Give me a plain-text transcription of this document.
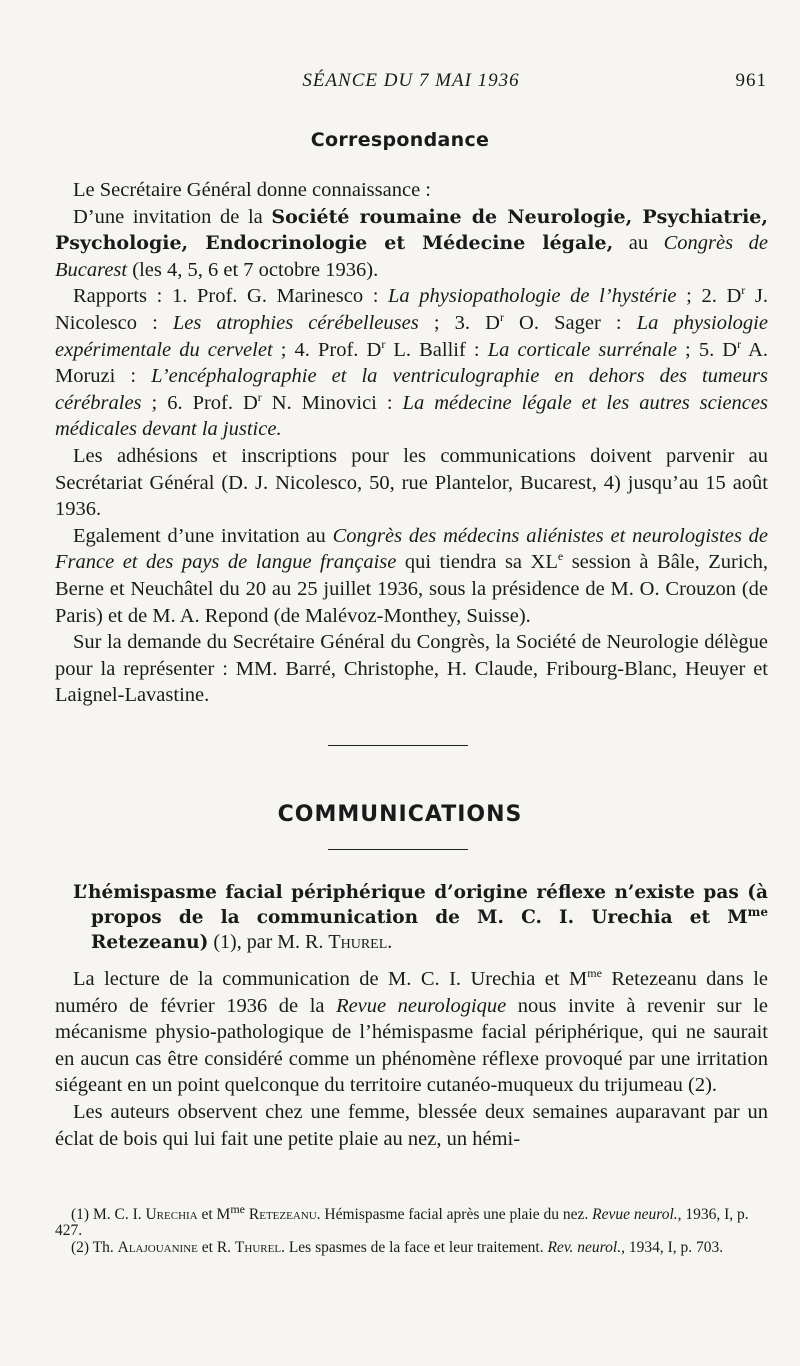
SÉANCE DU 7 MAI 1936	961
Correspondance

Le Secrétaire Général donne connaissance :

D’une invitation de la Société roumaine de Neurologie, Psychiatrie, Psychologie, Endocrinologie et Médecine légale, au Congrès de Bucarest (les 4, 5, 6 et 7 octobre 1936).

Rapports : 1. Prof. G. Marinesco : La physiopathologie de l’hystérie ; 2. $D^r$ J. Nicolesco : Les atrophies cérébelleuses ; 3. $D^r$ O. Sager : La physiologie expérimentale du cervelet ; 4. Prof. $D^r$ L. Ballif : La corticale surrénale ; 5. $D^r$ A. Moruzi : L’encéphalographie et la ventriculographie en dehors des tumeurs cérébrales ; 6. Prof. $D^r$ N. Minovici : La médecine légale et les autres sciences médicales devant la justice.

Les adhésions et inscriptions pour les communications doivent parvenir au Secrétariat Général (D. J. Nicolesco, 50, rue Plantelor, Bucarest, 4) jusqu’au 15 août 1936.

Egalement d’une invitation au Congrès des médecins aliénistes et neurologistes de France et des pays de langue française qui tiendra sa XLe session à Bâle, Zurich, Berne et Neuchâtel du 20 au 25 juillet 1936, sous la présidence de M. O. Crouzon (de Paris) et de M. A. Repond (de Malévoz-Monthey, Suisse).

Sur la demande du Secrétaire Général du Congrès, la Société de Neurologie délègue pour la représenter : MM. Barré, Christophe, H. Claude, Fribourg-Blanc, Heuyer et Laignel-Lavastine.

COMMUNICATIONS

L’hémispasme facial périphérique d’origine réflexe n’existe pas (à propos de la communication de M. C. I. Urechia et $M^{me}$ Retezeanu) (1), par M. R. Thurel.

La lecture de la communication de M. C. I. Urechia et $M^{me}$ Retezeanu dans le numéro de février 1936 de la Revue neurologique nous invite à revenir sur le mécanisme physio-pathologique de l’hémispasme facial périphérique, qui ne saurait en aucun cas être considéré comme un phénomène réflexe provoqué par une irritation siégeant en un point quelconque du territoire cutanéo-muqueux du trijumeau (2).

Les auteurs observent chez une femme, blessée deux semaines auparavant par un éclat de bois qui lui fait une petite plaie au nez, un hémi-

(1) M. C. I. Urechia et $M^{me}$ Retezeanu. Hémispasme facial après une plaie du nez. Revue neurol., 1936, I, p. 427.

(2) Th. Alajouanine et R. Thurel. Les spasmes de la face et leur traitement. Rev. neurol., 1934, I, p. 703.
